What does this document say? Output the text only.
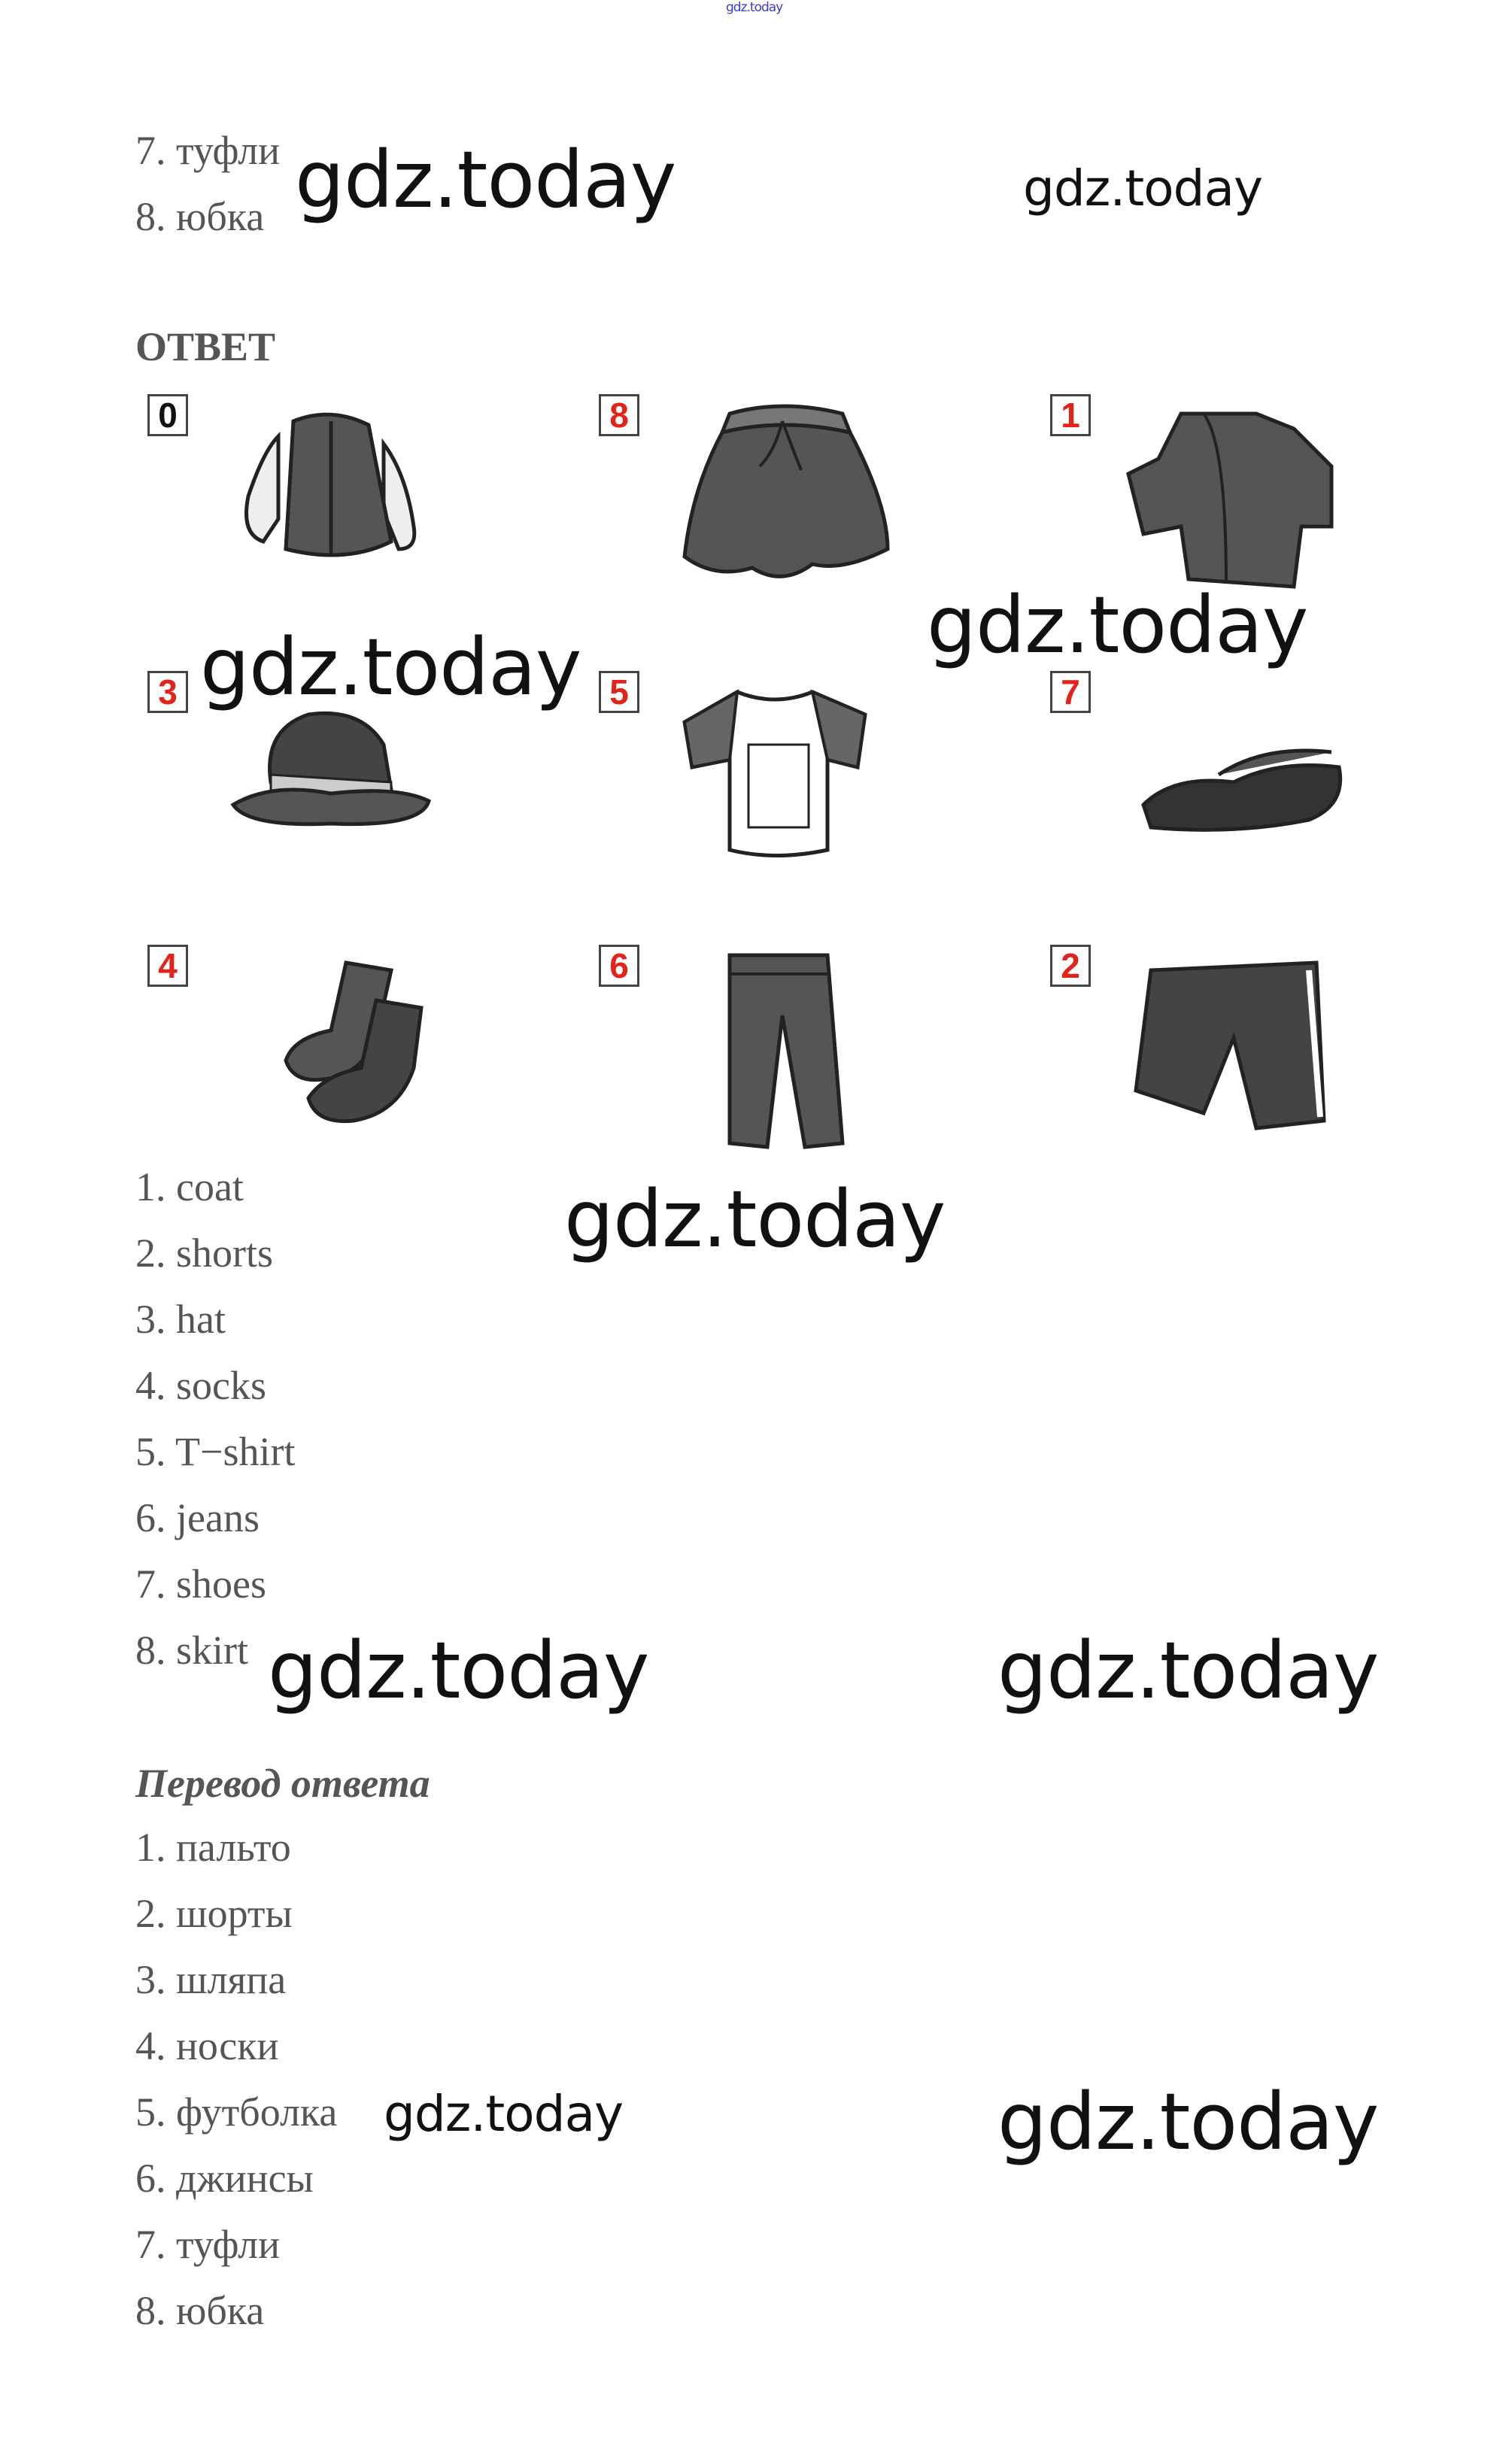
gdz.today
7. туфли
8. юбка gdz.today	gdz.today
ОТВЕТ
0	8	1
3	5	7
4	6	2
gdz.today
gdz.today
1. coat
2. shorts
3. hat
4. socks
5. T−shirt
6. jeans
7. shoes
8. skirt
gdz.today
gdz.today	gdz.today
Перевод ответа
1. пальто
2. шорты
3. шляпа
4. носки
5. футболка
6. джинсы
7. туфли
8. юбка
gdz.today	gdz.today
